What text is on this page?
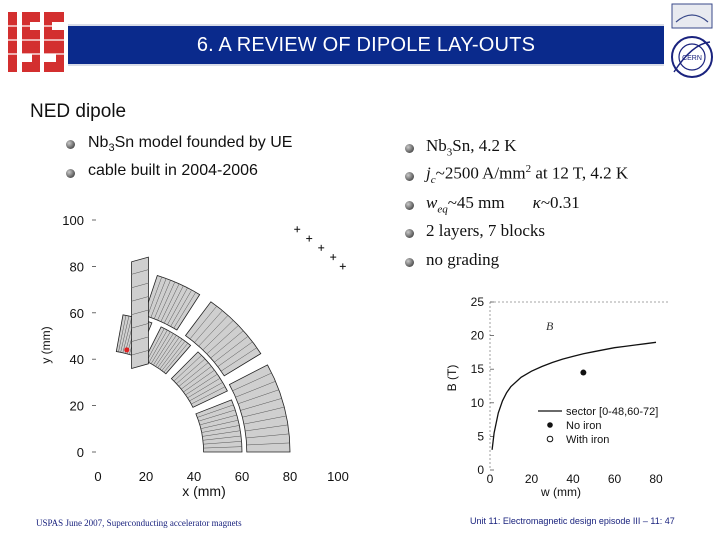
6. A REVIEW OF DIPOLE LAY-OUTS
ISS
CERN
NED dipole
$Nb_3Sn$ model founded by UE
cable built in 2004-2006
$Nb_3Sn$, 4.2 K
$j_c\sim 2500$ $A/mm^2$ at 12 T, 4.2 K
$w_{eq}\sim 45$ mm κ~0.31
2 layers, 7 blocks
no grading
0
20
40
60
80
100
0	20	40	60	80 100
x (mm)
y (mm)
0
5
10
15
20
25
0	20 40 60 80
B
sector [0-48,60-72]
No iron
With iron
w (mm)
B (T)
USPAS June 2007, Superconducting accelerator magnets	Unit 11: Electromagnetic design episode III – 11: 47
